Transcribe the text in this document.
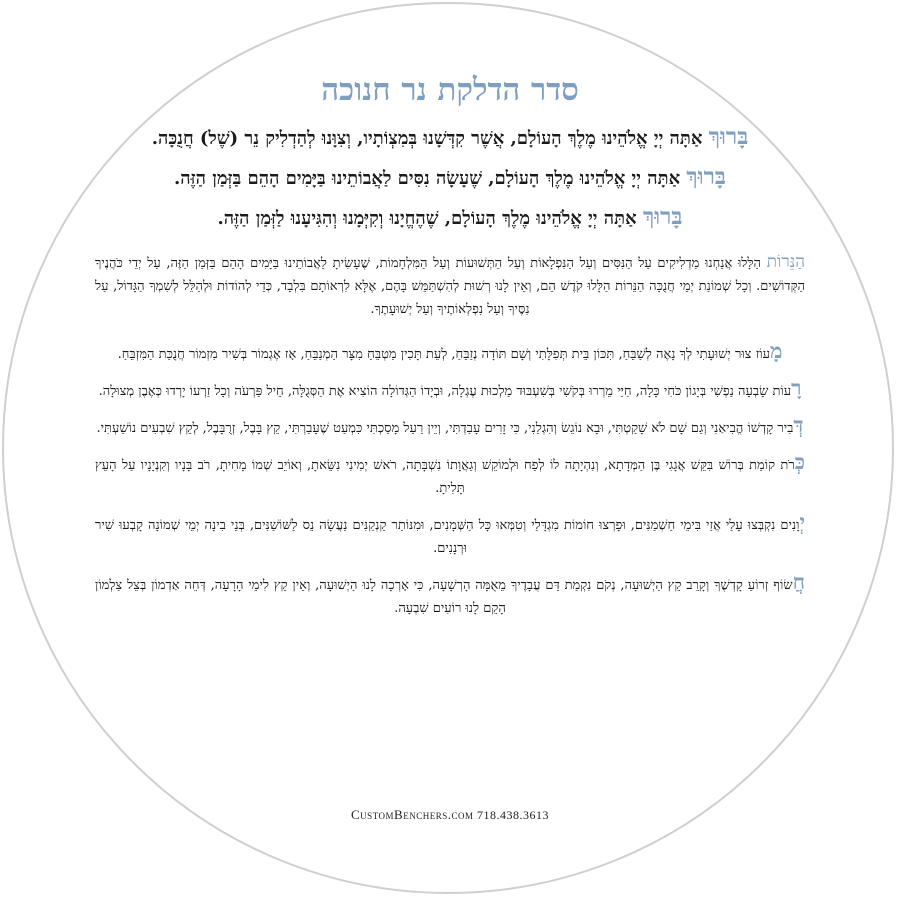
סדר הדלקת נר חנוכה
בָּרוּךְ אַתָּה יְיָ אֱלֹהֵינוּ מֶלֶךְ הָעוֹלָם, אֲשֶׁר קִדְּשָׁנוּ בְּמִצְוֹתָיו, וְצִוָּנוּ לְהַדְלִיק נֵר (שֶׁל) חֲנֻכָּה.
בָּרוּךְ אַתָּה יְיָ אֱלֹהֵינוּ מֶלֶךְ הָעוֹלָם, שֶׁעָשָׂה נִסִּים לַאֲבוֹתֵינוּ בַּיָּמִים הָהֵם בַּזְּמַן הַזֶּה.
בָּרוּךְ אַתָּה יְיָ אֱלֹהֵינוּ מֶלֶךְ הָעוֹלָם, שֶׁהֶחֱיָנוּ וְקִיְּמָנוּ וְהִגִּיעָנוּ לַזְּמַן הַזֶּה.
הַנֵּרוֹת הַלָּלוּ אֲנַחְנוּ מַדְלִיקִים עַל הַנִּסִּים וְעַל הַנִּפְלָאוֹת וְעַל הַתְּשׁוּעוֹת וְעַל הַמִּלְחָמוֹת, שֶׁעָשִׂיתָ לַאֲבוֹתֵינוּ בַּיָּמִים הָהֵם בַּזְּמַן הַזֶּה, עַל יְדֵי כֹּהֲנֶיךָ הַקְּדוֹשִׁים. וְכָל שְׁמוֹנַת יְמֵי חֲנֻכָּה הַנֵּרוֹת הַלָּלוּ קֹדֶשׁ הֵם, וְאֵין לָנוּ רְשׁוּת לְהִשְׁתַּמֵּשׁ בָּהֶם, אֶלָּא לִרְאוֹתָם בִּלְבָד, כְּדֵי לְהוֹדוֹת וּלְהַלֵּל לְשִׁמְךָ הַגָּדוֹל, עַל נִסֶּיךָ וְעַל נִפְלְאוֹתֶיךָ וְעַל יְשׁוּעָתֶךָ.
מָעוֹז צוּר יְשׁוּעָתִי לְךָ נָאֶה לְשַׁבֵּחַ, תִּכּוֹן בֵּית תְּפִלָּתִי וְשָׁם תּוֹדָה נְזַבֵּחַ, לְעֵת תָּכִין מַטְבֵּחַ מִצָּר הַמְנַבֵּחַ, אָז אֶגְמוֹר בְּשִׁיר מִזְמוֹר חֲנֻכַּת הַמִּזְבֵּחַ.
רָעוֹת שָׂבְעָה נַפְשִׁי בְּיָגוֹן כֹּחִי כָּלָה, חַיַּי מֵרְרוּ בְּקֹשִׁי בְּשִׁעְבּוּד מַלְכוּת עֶגְלָה, וּבְיָדוֹ הַגְּדוֹלָה הוֹצִיא אֶת הַסְּגֻלָּה, חֵיל פַּרְעֹה וְכָל זַרְעוֹ יָרְדוּ כְּאֶבֶן מְצוּלָה.
דְּבִיר קָדְשׁוֹ הֱבִיאַנִי וְגַם שָׁם לֹא שָׁקַטְתִּי, וּבָא נוֹגֵשׂ וְהִגְלַנִי, כִּי זָרִים עָבַדְתִּי, וְיֵין רַעַל מָסַכְתִּי כִּמְעַט שֶׁעָבַרְתִּי, קֵץ בָּבֶל, זְרֻבָּבֶל, לְקֵץ שִׁבְעִים נוֹשַׁעְתִּי.
כְּרֹת קוֹמַת בְּרוֹשׁ בִּקֵּשׁ אֲגָגִי בֶּן הַמְּדָתָא, וְנִהְיָתָה לוֹ לְפַח וּלְמוֹקֵשׁ וְגַאֲוָתוֹ נִשְׁבָּתָה, רֹאשׁ יְמִינִי נִשֵּׂאתָ, וְאוֹיֵב שְׁמוֹ מָחִיתָ, רֹב בָּנָיו וְקִנְיָנָיו עַל הָעֵץ תָּלִיתָ.
יְוָנִים נִקְבְּצוּ עָלַי אֲזַי בִּימֵי חַשְׁמַנִּים, וּפָרְצוּ חוֹמוֹת מִגְדָּלַי וְטִמְּאוּ כָּל הַשְּׁמָנִים, וּמִנּוֹתַר קַנְקַנִּים נַעֲשָׂה נֵס לַשּׁוֹשַׁנִּים, בְּנֵי בִינָה יְמֵי שְׁמוֹנָה קָבְעוּ שִׁיר וּרְנָנִים.
חֲשׂוֹף זְרוֹעַ קָדְשֶׁךָ וְקָרֵב קֵץ הַיְשׁוּעָה, נְקֹם נִקְמַת דַּם עֲבָדֶיךָ מֵאֻמָּה הָרְשָׁעָה, כִּי אָרְכָה לָנוּ הַיְשׁוּעָה, וְאֵין קֵץ לִימֵי הָרָעָה, דְּחֵה אַדְמוֹן בְּצֵל צַלְמוֹן הָקֵם לָנוּ רוֹעִים שִׁבְעָה.
CustomBenchers.com 718.438.3613
